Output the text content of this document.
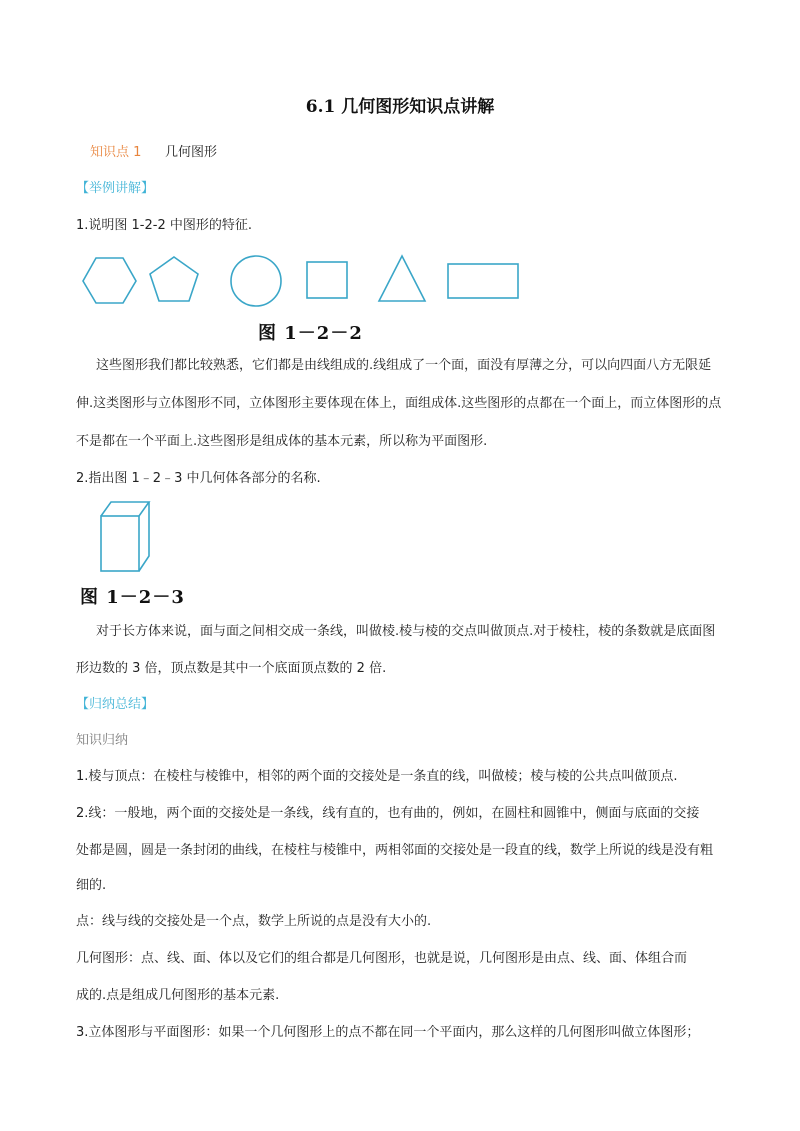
6.1 几何图形知识点讲解
知识点 1 几何图形
【举例讲解】
1.说明图 1-2-2 中图形的特征.
图 1－2－2
这些图形我们都比较熟悉，它们都是由线组成的.线组成了一个面，面没有厚薄之分，可以向四面八方无限延
伸.这类图形与立体图形不同，立体图形主要体现在体上，面组成体.这些图形的点都在一个面上，而立体图形的点
不是都在一个平面上.这些图形是组成体的基本元素，所以称为平面图形.
2.指出图 1﹣2﹣3 中几何体各部分的名称.
图 1－2－3
对于长方体来说，面与面之间相交成一条线，叫做棱.棱与棱的交点叫做顶点.对于棱柱，棱的条数就是底面图
形边数的 3 倍，顶点数是其中一个底面顶点数的 2 倍.
【归纳总结】
知识归纳
1.棱与顶点：在棱柱与棱锥中，相邻的两个面的交接处是一条直的线，叫做棱；棱与棱的公共点叫做顶点.
2.线：一般地，两个面的交接处是一条线，线有直的，也有曲的，例如，在圆柱和圆锥中，侧面与底面的交接
处都是圆，圆是一条封闭的曲线，在棱柱与棱锥中，两相邻面的交接处是一段直的线，数学上所说的线是没有粗
细的.
点：线与线的交接处是一个点，数学上所说的点是没有大小的.
几何图形：点、线、面、体以及它们的组合都是几何图形，也就是说，几何图形是由点、线、面、体组合而
成的.点是组成几何图形的基本元素.
3.立体图形与平面图形：如果一个几何图形上的点不都在同一个平面内，那么这样的几何图形叫做立体图形；
